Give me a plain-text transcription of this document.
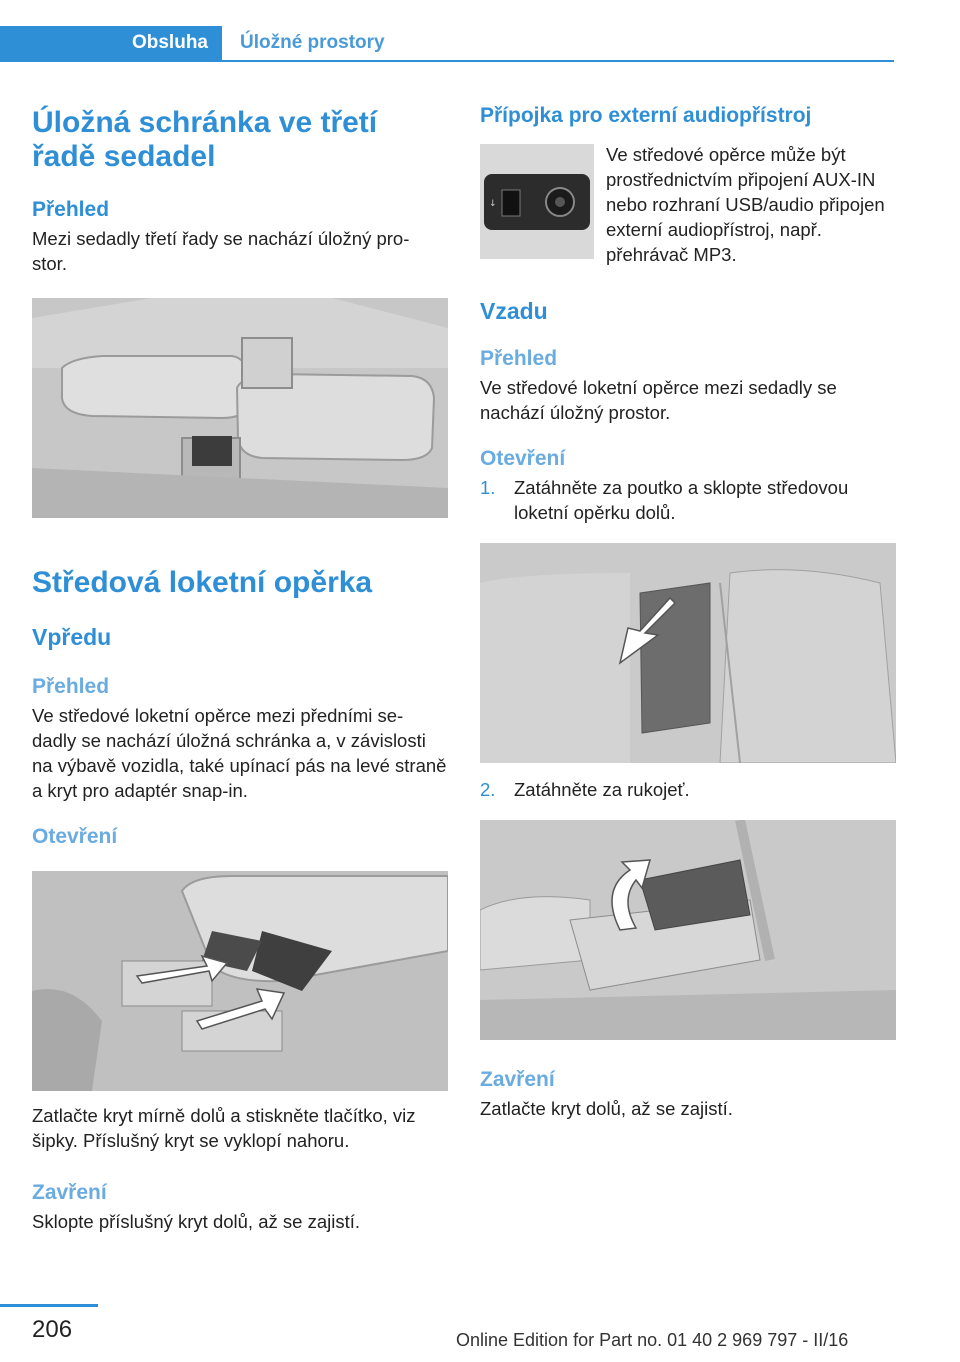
Obsluha	Úložné prostory
Úložná schránka ve třetí řadě sedadel
Přehled

Mezi sedadly třetí řady se nachází úložný pro‐ stor.

Středová loketní opěrka
Vpředu
Přehled

Ve středové loketní opěrce mezi předními se‐ dadly se nachází úložná schránka a, v závislosti na výbavě vozidla, také upínací pás na levé straně a kryt pro adaptér snap-in.

Otevření

Zatlačte kryt mírně dolů a stiskněte tlačítko, viz šipky. Příslušný kryt se vyklopí nahoru.

Zavření

Sklopte příslušný kryt dolů, až se zajistí.

Přípojka pro externí audiopřístroj
↓

Ve středové opěrce může být prostřednictvím připojení AUX-IN nebo rozhraní USB/audio připojen externí audiopřístroj, např. přehrávač MP3.

Vzadu
Přehled

Ve středové loketní opěrce mezi sedadly se nachází úložný prostor.

Otevření
1. Zatáhněte za poutko a sklopte středovou loketní opěrku dolů.
2. Zatáhněte za rukojeť.
Zavření

Zatlačte kryt dolů, až se zajistí.

206	Online Edition for Part no. 01 40 2 969 797 - II/16
